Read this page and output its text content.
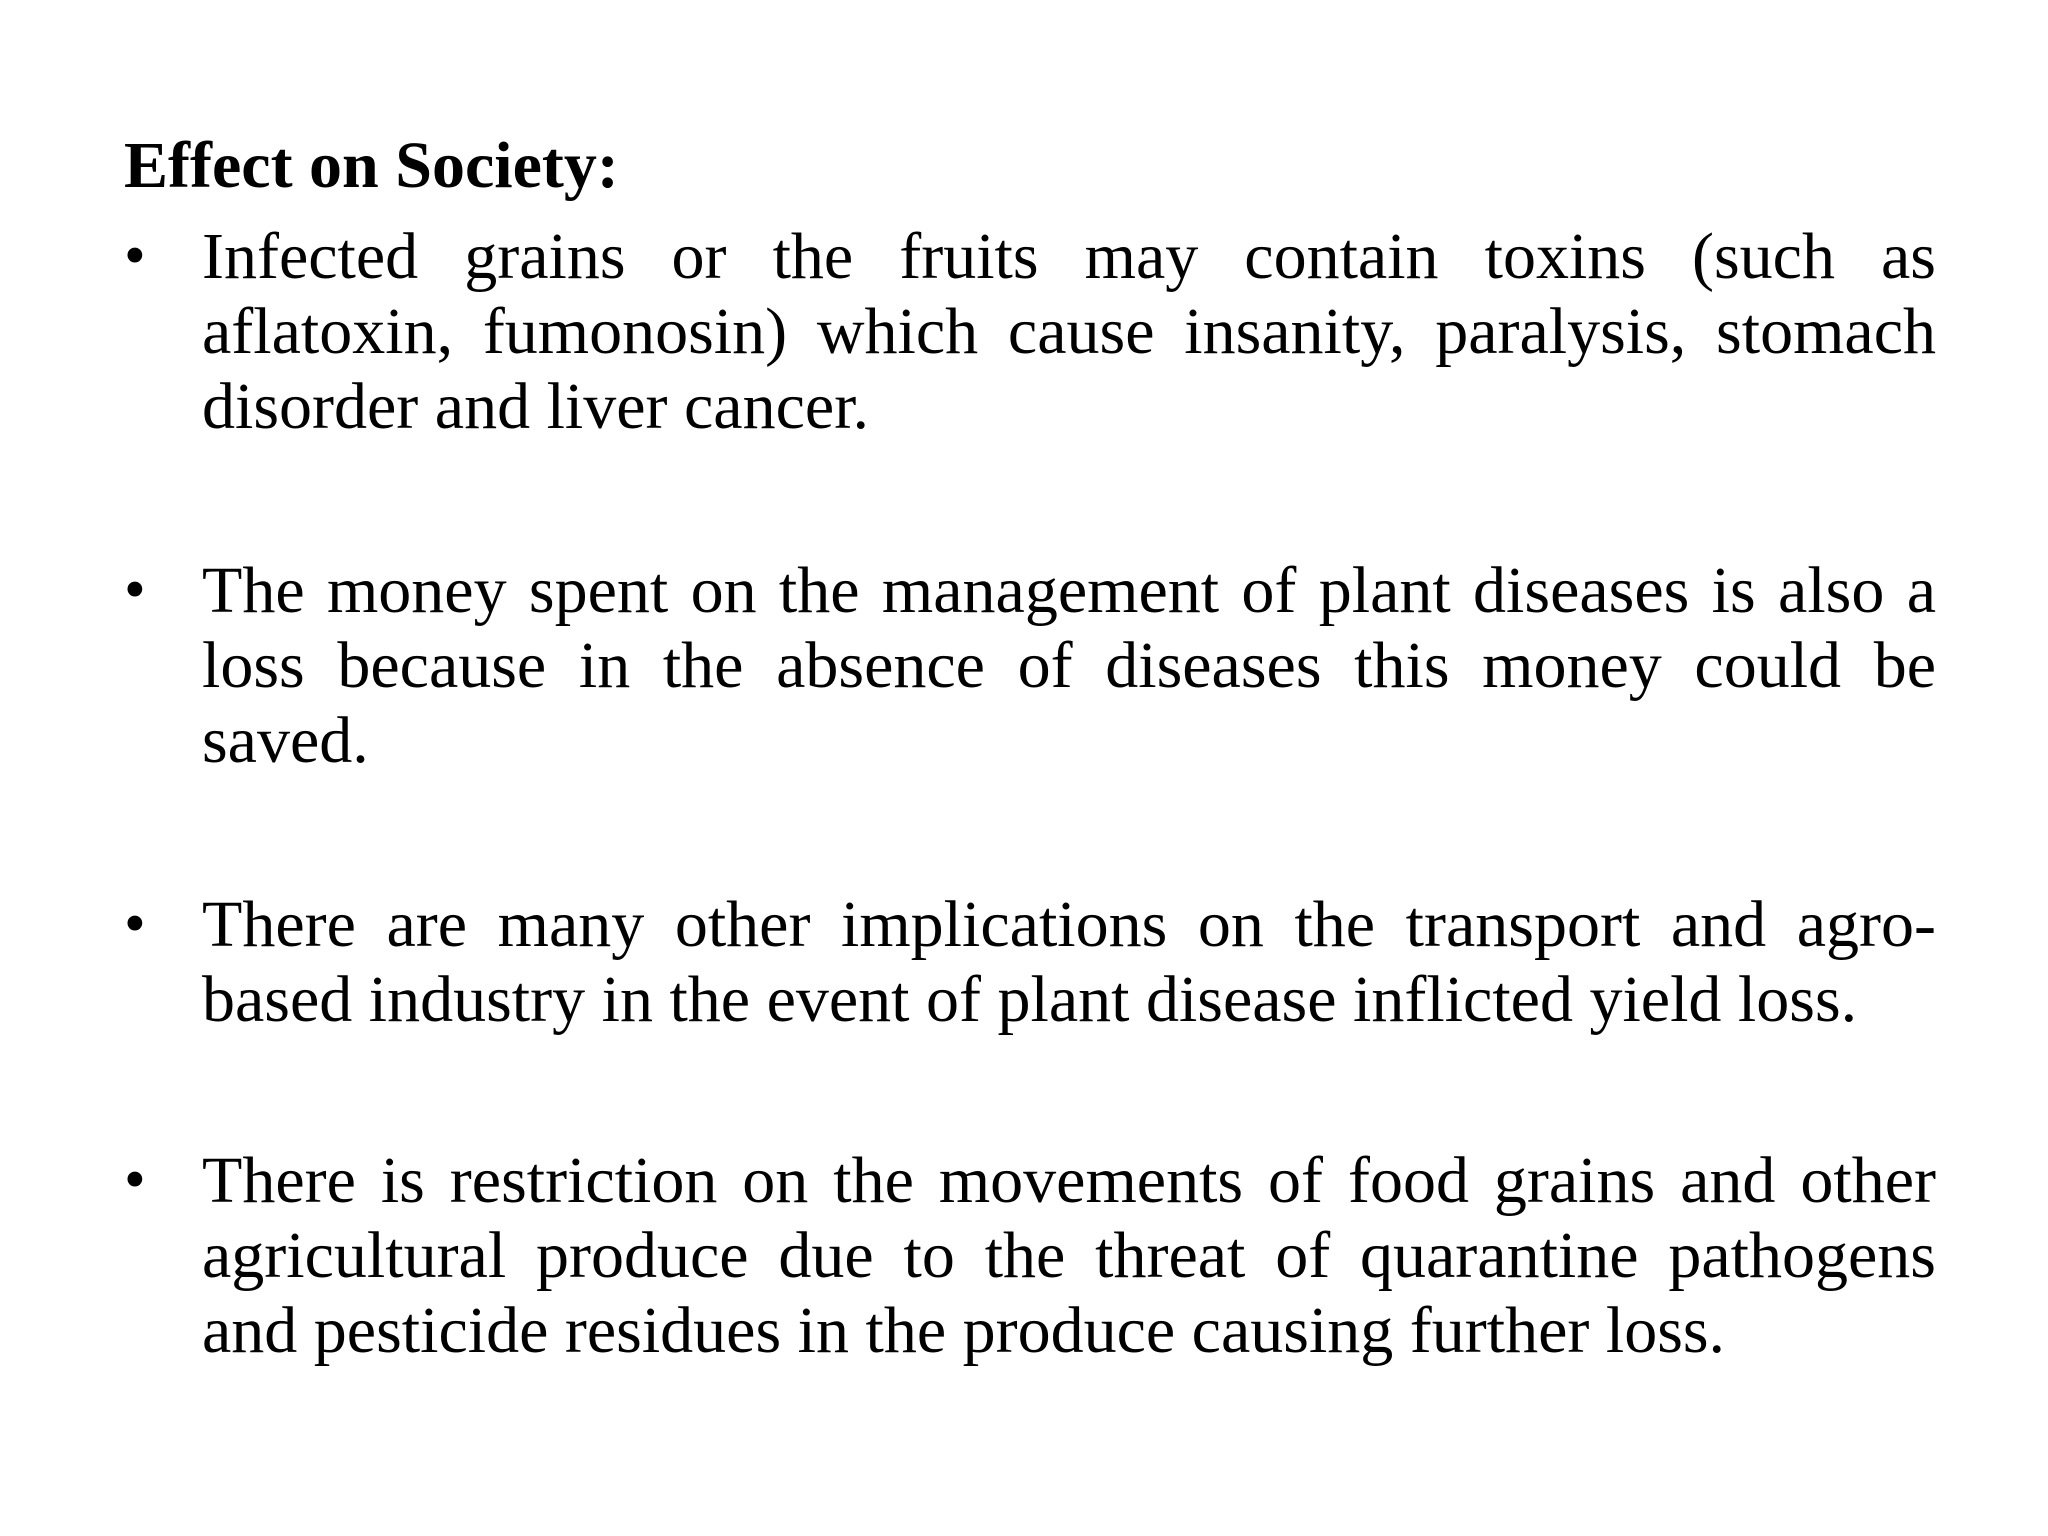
Effect on Society:
• Infected grains or the fruits may contain toxins (such as aflatoxin, fumonosin) which cause insanity, paralysis, stomach disorder and liver cancer.
• The money spent on the management of plant diseases is also a loss because in the absence of diseases this money could be saved.
• There are many other implications on the transport and agro-based industry in the event of plant disease inflicted yield loss.
• There is restriction on the movements of food grains and other agricultural produce due to the threat of quarantine pathogens and pesticide residues in the produce causing further loss.
